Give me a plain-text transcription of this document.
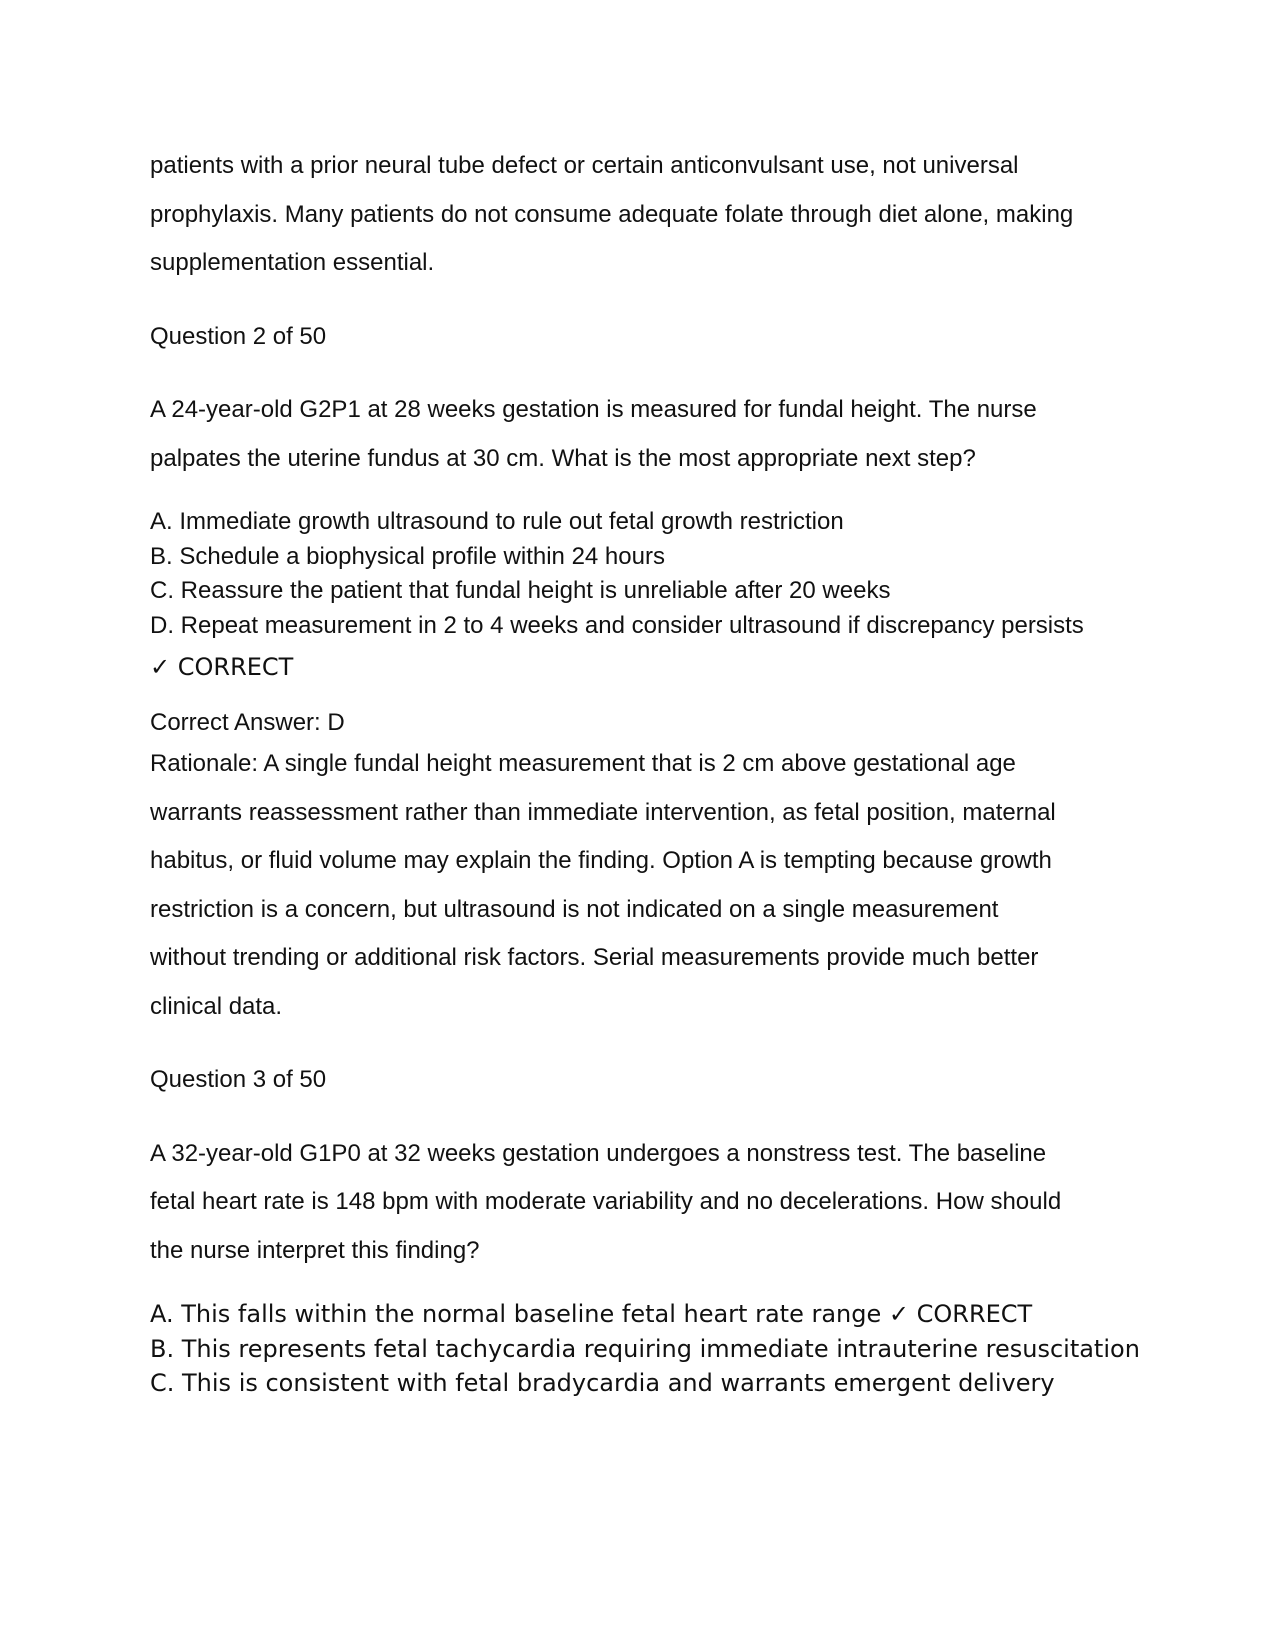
patients with a prior neural tube defect or certain anticonvulsant use, not universal
prophylaxis. Many patients do not consume adequate folate through diet alone, making
supplementation essential.
Question 2 of 50
A 24-year-old G2P1 at 28 weeks gestation is measured for fundal height. The nurse
palpates the uterine fundus at 30 cm. What is the most appropriate next step?
A. Immediate growth ultrasound to rule out fetal growth restriction
B. Schedule a biophysical profile within 24 hours
C. Reassure the patient that fundal height is unreliable after 20 weeks
D. Repeat measurement in 2 to 4 weeks and consider ultrasound if discrepancy persists
✓ CORRECT
Correct Answer: D
Rationale: A single fundal height measurement that is 2 cm above gestational age
warrants reassessment rather than immediate intervention, as fetal position, maternal
habitus, or fluid volume may explain the finding. Option A is tempting because growth
restriction is a concern, but ultrasound is not indicated on a single measurement
without trending or additional risk factors. Serial measurements provide much better
clinical data.
Question 3 of 50
A 32-year-old G1P0 at 32 weeks gestation undergoes a nonstress test. The baseline
fetal heart rate is 148 bpm with moderate variability and no decelerations. How should
the nurse interpret this finding?
A. This falls within the normal baseline fetal heart rate range ✓ CORRECT
B. This represents fetal tachycardia requiring immediate intrauterine resuscitation
C. This is consistent with fetal bradycardia and warrants emergent delivery
